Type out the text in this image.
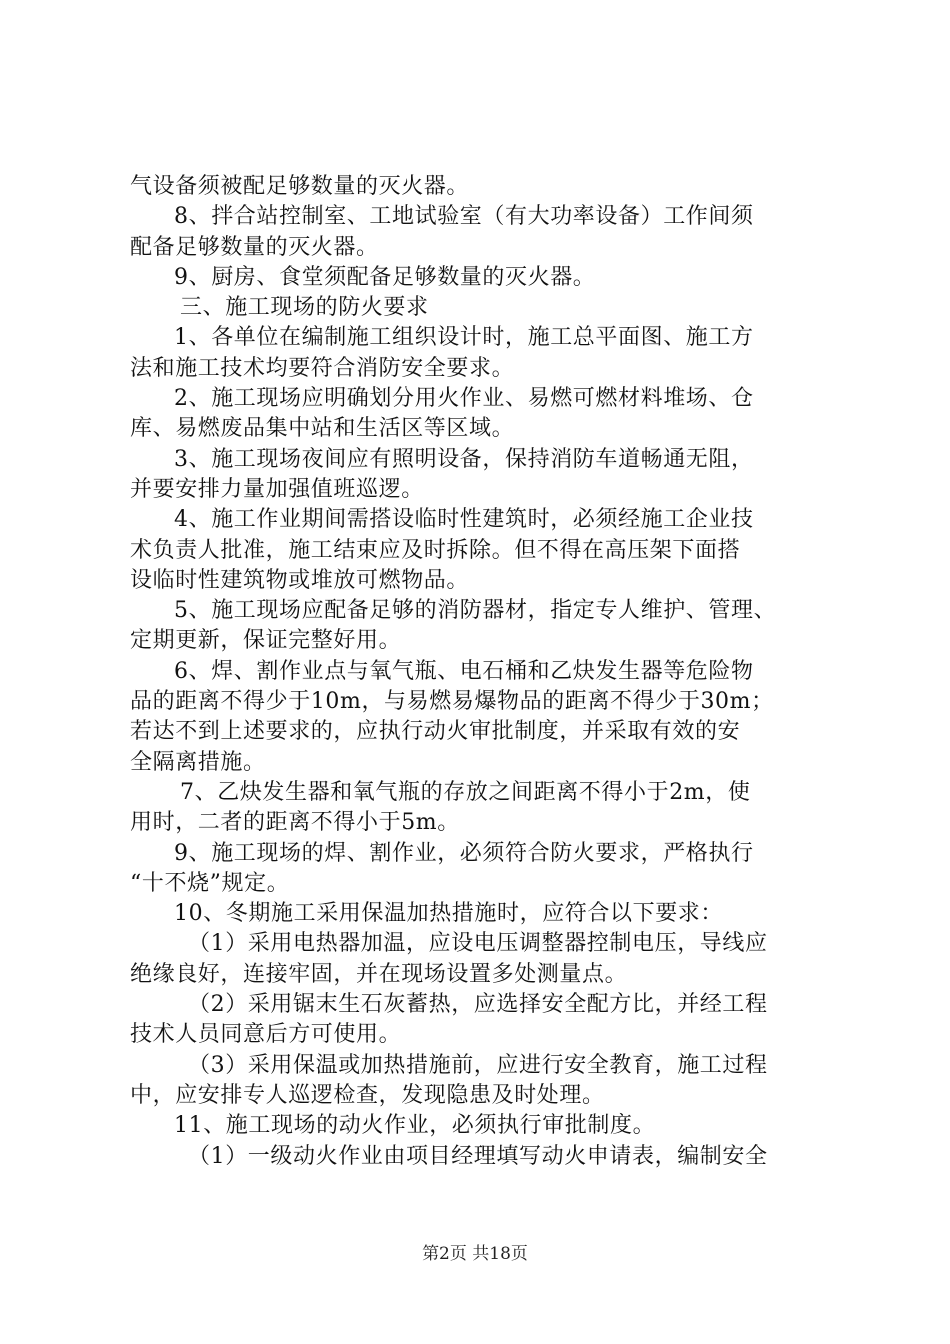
气设备须被配足够数量的灭火器。
8、拌合站控制室、工地试验室（有大功率设备）工作间须
配备足够数量的灭火器。
9、厨房、食堂须配备足够数量的灭火器。
三、施工现场的防火要求
1、各单位在编制施工组织设计时，施工总平面图、施工方
法和施工技术均要符合消防安全要求。
2、施工现场应明确划分用火作业、易燃可燃材料堆场、仓
库、易燃废品集中站和生活区等区域。
3、施工现场夜间应有照明设备，保持消防车道畅通无阻，
并要安排力量加强值班巡逻。
4、施工作业期间需搭设临时性建筑时，必须经施工企业技
术负责人批准，施工结束应及时拆除。但不得在高压架下面搭
设临时性建筑物或堆放可燃物品。
5、施工现场应配备足够的消防器材，指定专人维护、管理、
定期更新，保证完整好用。
6、焊、割作业点与氧气瓶、电石桶和乙炔发生器等危险物
品的距离不得少于10m，与易燃易爆物品的距离不得少于30m；
若达不到上述要求的，应执行动火审批制度，并采取有效的安
全隔离措施。
7、乙炔发生器和氧气瓶的存放之间距离不得小于2m，使
用时，二者的距离不得小于5m。
9、施工现场的焊、割作业，必须符合防火要求，严格执行
“十不烧”规定。
10、冬期施工采用保温加热措施时，应符合以下要求：
（1）采用电热器加温，应设电压调整器控制电压，导线应
绝缘良好，连接牢固，并在现场设置多处测量点。
（2）采用锯末生石灰蓄热，应选择安全配方比，并经工程
技术人员同意后方可使用。
（3）采用保温或加热措施前，应进行安全教育，施工过程
中，应安排专人巡逻检查，发现隐患及时处理。
11、施工现场的动火作业，必须执行审批制度。
（1）一级动火作业由项目经理填写动火申请表，编制安全
第2页 共18页
